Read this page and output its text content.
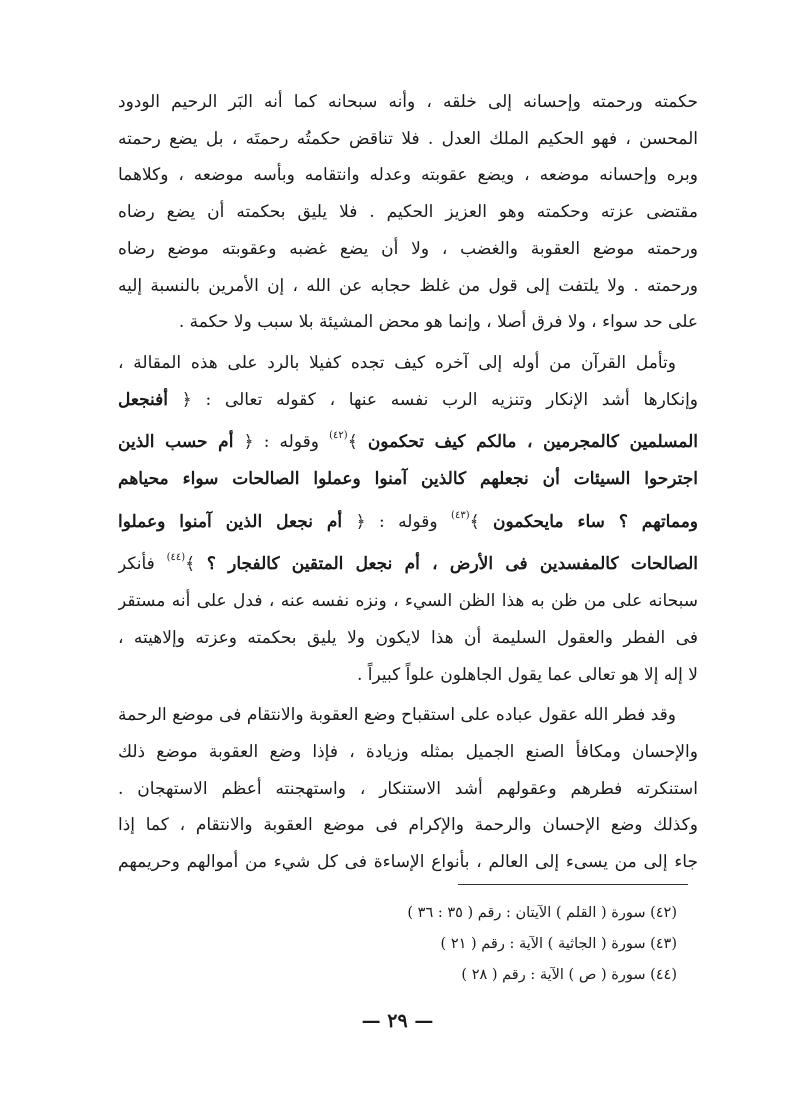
حكمته ورحمته وإحسانه إلى خلقه ، وأنه سبحانه كما أنه البَر الرحيم الودود
المحسن ، فهو الحكيم الملك العدل . فلا تناقض حكمتُه رحمتَه ، بل يضع رحمته
وبره وإحسانه موضعه ، ويضع عقوبته وعدله وانتقامه وبأسه موضعه ، وكلاهما
مقتضى عزته وحكمته وهو العزيز الحكيم . فلا يليق بحكمته أن يضع رضاه
ورحمته موضع العقوبة والغضب ، ولا أن يضع غضبه وعقوبته موضع رضاه
ورحمته . ولا يلتفت إلى قول من غلظ حجابه عن الله ، إن الأمرين بالنسبة إليه
على حد سواء ، ولا فرق أصلا ، وإنما هو محض المشيئة بلا سبب ولا حكمة .

وتأمل القرآن من أوله إلى آخره كيف تجده كفيلا بالرد على هذه المقالة ،
وإنكارها أشد الإنكار وتنزيه الرب نفسه عنها ، كقوله تعالى : ﴿ أفنجعل
المسلمين كالمجرمين ، مالكم كيف تحكمون ﴾$^{(٤٢)}$ وقوله : ﴿ أم حسب الذين
اجترحوا السيئات أن نجعلهم كالذين آمنوا وعملوا الصالحات سواء محياهم
ومماتهم ؟ ساء مايحكمون ﴾$^{(٤٣)}$ وقوله : ﴿ أم نجعل الذين آمنوا وعملوا
الصالحات كالمفسدين فى الأرض ، أم نجعل المتقين كالفجار ؟ ﴾$^{(٤٤)}$ فأنكر
سبحانه على من ظن به هذا الظن السيء ، ونزه نفسه عنه ، فدل على أنه مستقر
فى الفطر والعقول السليمة أن هذا لايكون ولا يليق بحكمته وعزته وإلاهيته ،
لا إله إلا هو تعالى عما يقول الجاهلون علواً كبيراً .

وقد فطر الله عقول عباده على استقباح وضع العقوبة والانتقام فى موضع الرحمة
والإحسان ومكافأ الصنع الجميل بمثله وزيادة ، فإذا وضع العقوبة موضع ذلك
استنكرته فطرهم وعقولهم أشد الاستنكار ، واستهجنته أعظم الاستهجان .
وكذلك وضع الإحسان والرحمة والإكرام فى موضع العقوبة والانتقام ، كما إذا
جاء إلى من يسىء إلى العالم ، بأنواع الإساءة فى كل شيء من أموالهم وحريمهم

(٤٢) سورة ( القلم ) الآيتان : رقم ( ٣٥ : ٣٦ )
(٤٣) سورة ( الجاثية ) الآية : رقم ( ٢١ )
(٤٤) سورة ( ص ) الآية : رقم ( ٢٨ )
— ٢٩ —
